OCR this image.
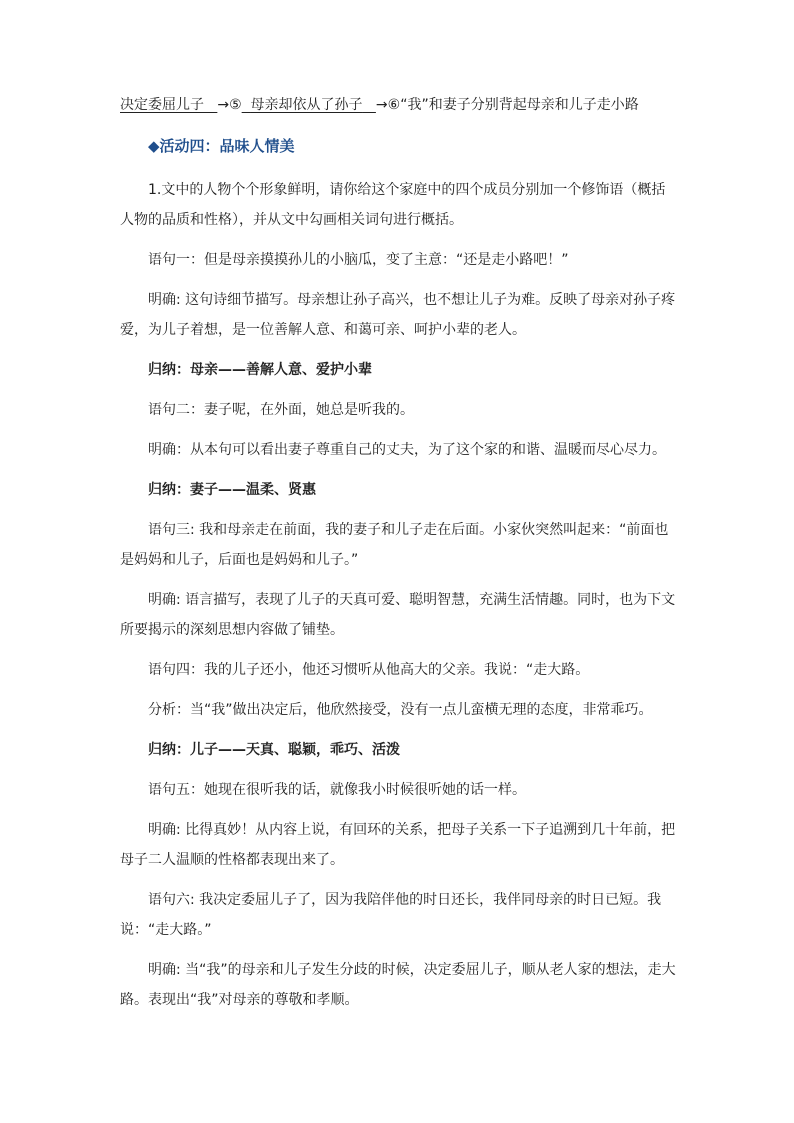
决定委屈儿子 →⑤ 母亲却依从了孙子 →⑥“我”和妻子分别背起母亲和儿子走小路

◆活动四：品味人情美

1.文中的人物个个形象鲜明，请你给这个家庭中的四个成员分别加一个修饰语（概括人物的品质和性格），并从文中勾画相关词句进行概括。

语句一：但是母亲摸摸孙儿的小脑瓜，变了主意：“还是走小路吧！”

明确: 这句诗细节描写。母亲想让孙子高兴，也不想让儿子为难。反映了母亲对孙子疼爱，为儿子着想，是一位善解人意、和蔼可亲、呵护小辈的老人。

归纳：母亲——善解人意、爱护小辈

语句二：妻子呢，在外面，她总是听我的。

明确：从本句可以看出妻子尊重自己的丈夫，为了这个家的和谐、温暖而尽心尽力。

归纳：妻子——温柔、贤惠

语句三: 我和母亲走在前面，我的妻子和儿子走在后面。小家伙突然叫起来：“前面也是妈妈和儿子，后面也是妈妈和儿子。”

明确: 语言描写，表现了儿子的天真可爱、聪明智慧，充满生活情趣。同时，也为下文所要揭示的深刻思想内容做了铺垫。

语句四：我的儿子还小，他还习惯听从他高大的父亲。我说：“走大路。

分析：当“我”做出决定后，他欣然接受，没有一点儿蛮横无理的态度，非常乖巧。

归纳：儿子——天真、聪颖，乖巧、活泼

语句五：她现在很听我的话，就像我小时候很听她的话一样。

明确: 比得真妙！从内容上说，有回环的关系，把母子关系一下子追溯到几十年前，把母子二人温顺的性格都表现出来了。

语句六: 我决定委屈儿子了，因为我陪伴他的时日还长，我伴同母亲的时日已短。我说：“走大路。”

明确: 当“我”的母亲和儿子发生分歧的时候，决定委屈儿子，顺从老人家的想法，走大路。表现出“我”对母亲的尊敬和孝顺。
